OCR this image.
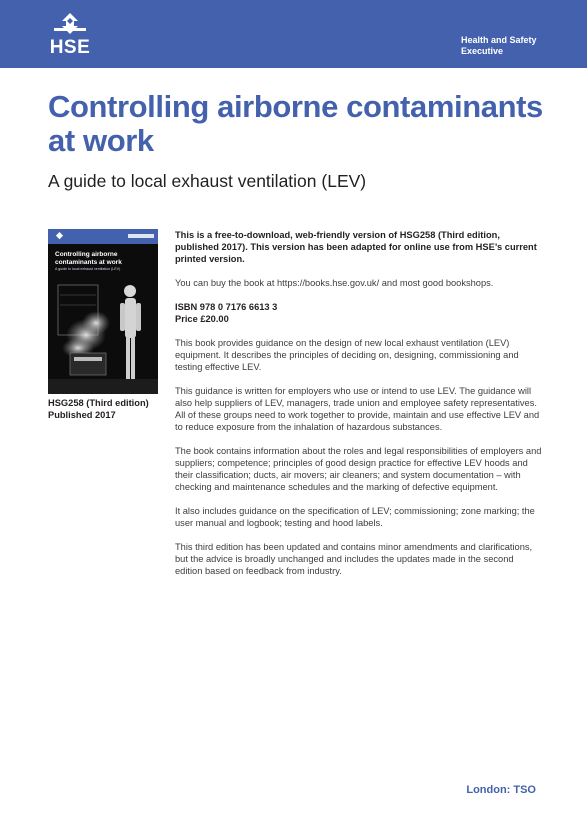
HSE	Health and Safety Executive
Controlling airborne contaminants at work
A guide to local exhaust ventilation (LEV)
Controlling airborne contaminants at work
A guide to local exhaust ventilation (LEV)
HSG258 (Third edition)
Published 2017

This is a free-to-download, web-friendly version of HSG258 (Third edition, published 2017). This version has been adapted for online use from HSE’s current printed version.

You can buy the book at https://books.hse.gov.uk/ and most good bookshops.

ISBN 978 0 7176 6613 3
Price £20.00

This book provides guidance on the design of new local exhaust ventilation (LEV) equipment. It describes the principles of deciding on, designing, commissioning and testing effective LEV.

This guidance is written for employers who use or intend to use LEV. The guidance will also help suppliers of LEV, managers, trade union and employee safety representatives. All of these groups need to work together to provide, maintain and use effective LEV and to reduce exposure from the inhalation of hazardous substances.

The book contains information about the roles and legal responsibilities of employers and suppliers; competence; principles of good design practice for effective LEV hoods and their classification; ducts, air movers; air cleaners; and system documentation – with checking and maintenance schedules and the marking of defective equipment.

It also includes guidance on the specification of LEV; commissioning; zone marking; the user manual and logbook; testing and hood labels.

This third edition has been updated and contains minor amendments and clarifications, but the advice is broadly unchanged and includes the updates made in the second edition based on feedback from industry.

London: TSO
